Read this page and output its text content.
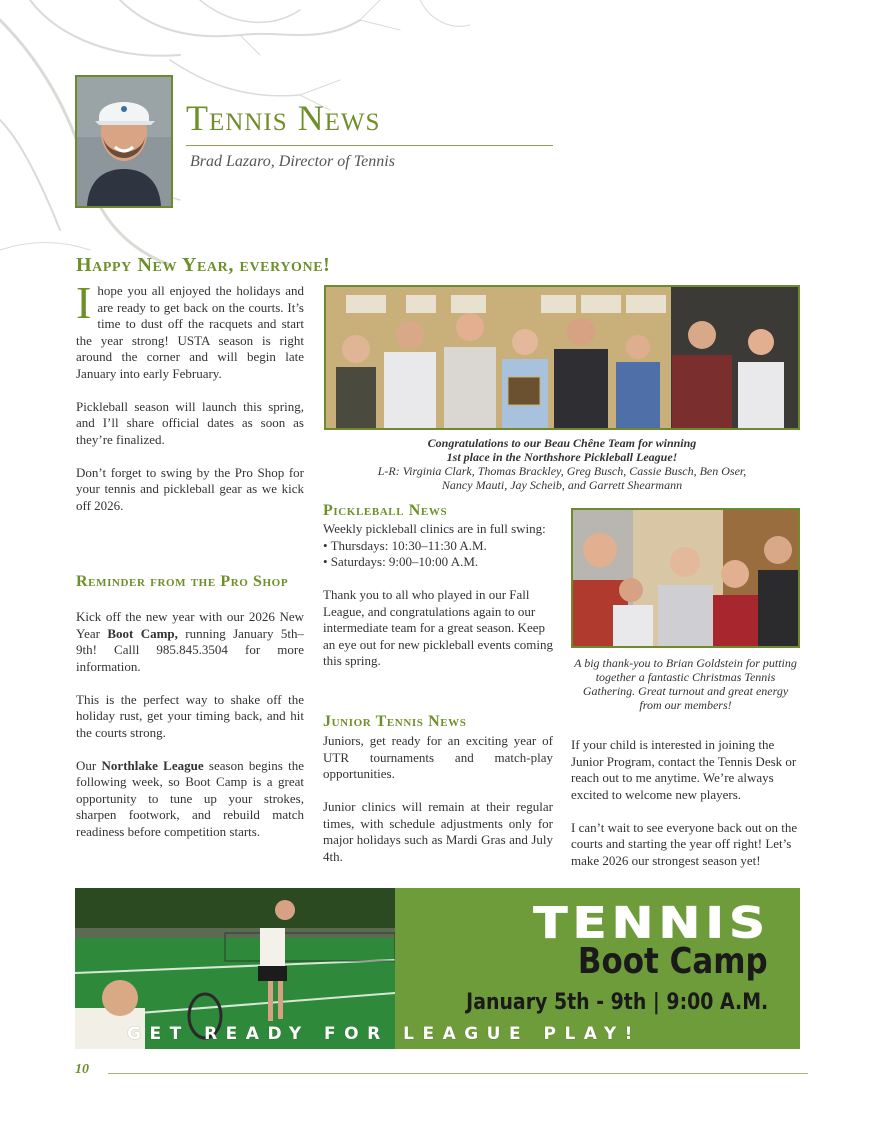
Tennis News
Brad Lazaro, Director of Tennis
Happy New Year, everyone!
I hope you all enjoyed the holidays and are ready to get back on the courts. It’s time to dust off the racquets and start the year strong! USTA season is right around the corner and will begin late January into early February.

Pickleball season will launch this spring, and I’ll share official dates as soon as they’re finalized.

Don’t forget to swing by the Pro Shop for your tennis and pickleball gear as we kick off 2026.

Reminder from the Pro Shop

Kick off the new year with our 2026 New Year Boot Camp, running January 5th–9th! Calll 985.845.3504 for more information.

This is the perfect way to shake off the holiday rust, get your timing back, and hit the courts strong.

Our Northlake League season begins the following week, so Boot Camp is a great opportunity to tune up your strokes, sharpen footwork, and rebuild match readiness before competition starts.

Congratulations to our Beau Chêne Team for winning
1st place in the Northshore Pickleball League!
L-R: Virginia Clark, Thomas Brackley, Greg Busch, Cassie Busch, Ben Oser,
Nancy Mauti, Jay Scheib, and Garrett Shearmann
Pickleball News

Weekly pickleball clinics are in full swing:

• Thursdays: 10:30–11:30 A.M.

• Saturdays: 9:00–10:00 A.M.

Thank you to all who played in our Fall League, and congratulations again to our intermediate team for a great season. Keep an eye out for new pickleball events coming this spring.

Junior Tennis News

Juniors, get ready for an exciting year of UTR tournaments and match-play opportunities.

Junior clinics will remain at their regular times, with schedule adjustments only for major holidays such as Mardi Gras and July 4th.

A big thank-you to Brian Goldstein for putting together a fantastic Christmas Tennis Gathering. Great turnout and great energy from our members!

If your child is interested in joining the Junior Program, contact the Tennis Desk or reach out to me anytime. We’re always excited to welcome new players.

I can’t wait to see everyone back out on the courts and starting the year off right! Let’s make 2026 our strongest season yet!

TENNIS
Boot Camp
January 5th - 9th | 9:00 A.M.
GET READY FOR LEAGUE PLAY!
10
